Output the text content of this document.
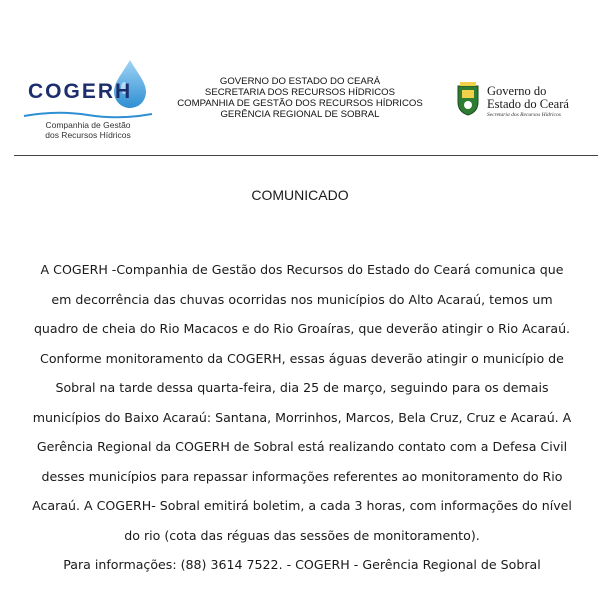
COGERH
Companhia de Gestão
dos Recursos Hídricos
GOVERNO DO ESTADO DO CEARÁ
SECRETARIA DOS RECURSOS HÍDRICOS
COMPANHIA DE GESTÃO DOS RECURSOS HÍDRICOS
GERÊNCIA REGIONAL DE SOBRAL
Governo do
Estado do Ceará
Secretaria dos Recursos Hídricos
COMUNICADO
A COGERH -Companhia de Gestão dos Recursos do Estado do Ceará comunica que
em decorrência das chuvas ocorridas nos municípios do Alto Acaraú, temos um
quadro de cheia do Rio Macacos e do Rio Groaíras, que deverão atingir o Rio Acaraú.
Conforme monitoramento da COGERH, essas águas deverão atingir o município de
Sobral na tarde dessa quarta-feira, dia 25 de março, seguindo para os demais
municípios do Baixo Acaraú: Santana, Morrinhos, Marcos, Bela Cruz, Cruz e Acaraú. A
Gerência Regional da COGERH de Sobral está realizando contato com a Defesa Civil
desses municípios para repassar informações referentes ao monitoramento do Rio
Acaraú. A COGERH- Sobral emitirá boletim, a cada 3 horas, com informações do nível
do rio (cota das réguas das sessões de monitoramento).
Para informações: (88) 3614 7522. - COGERH - Gerência Regional de Sobral
